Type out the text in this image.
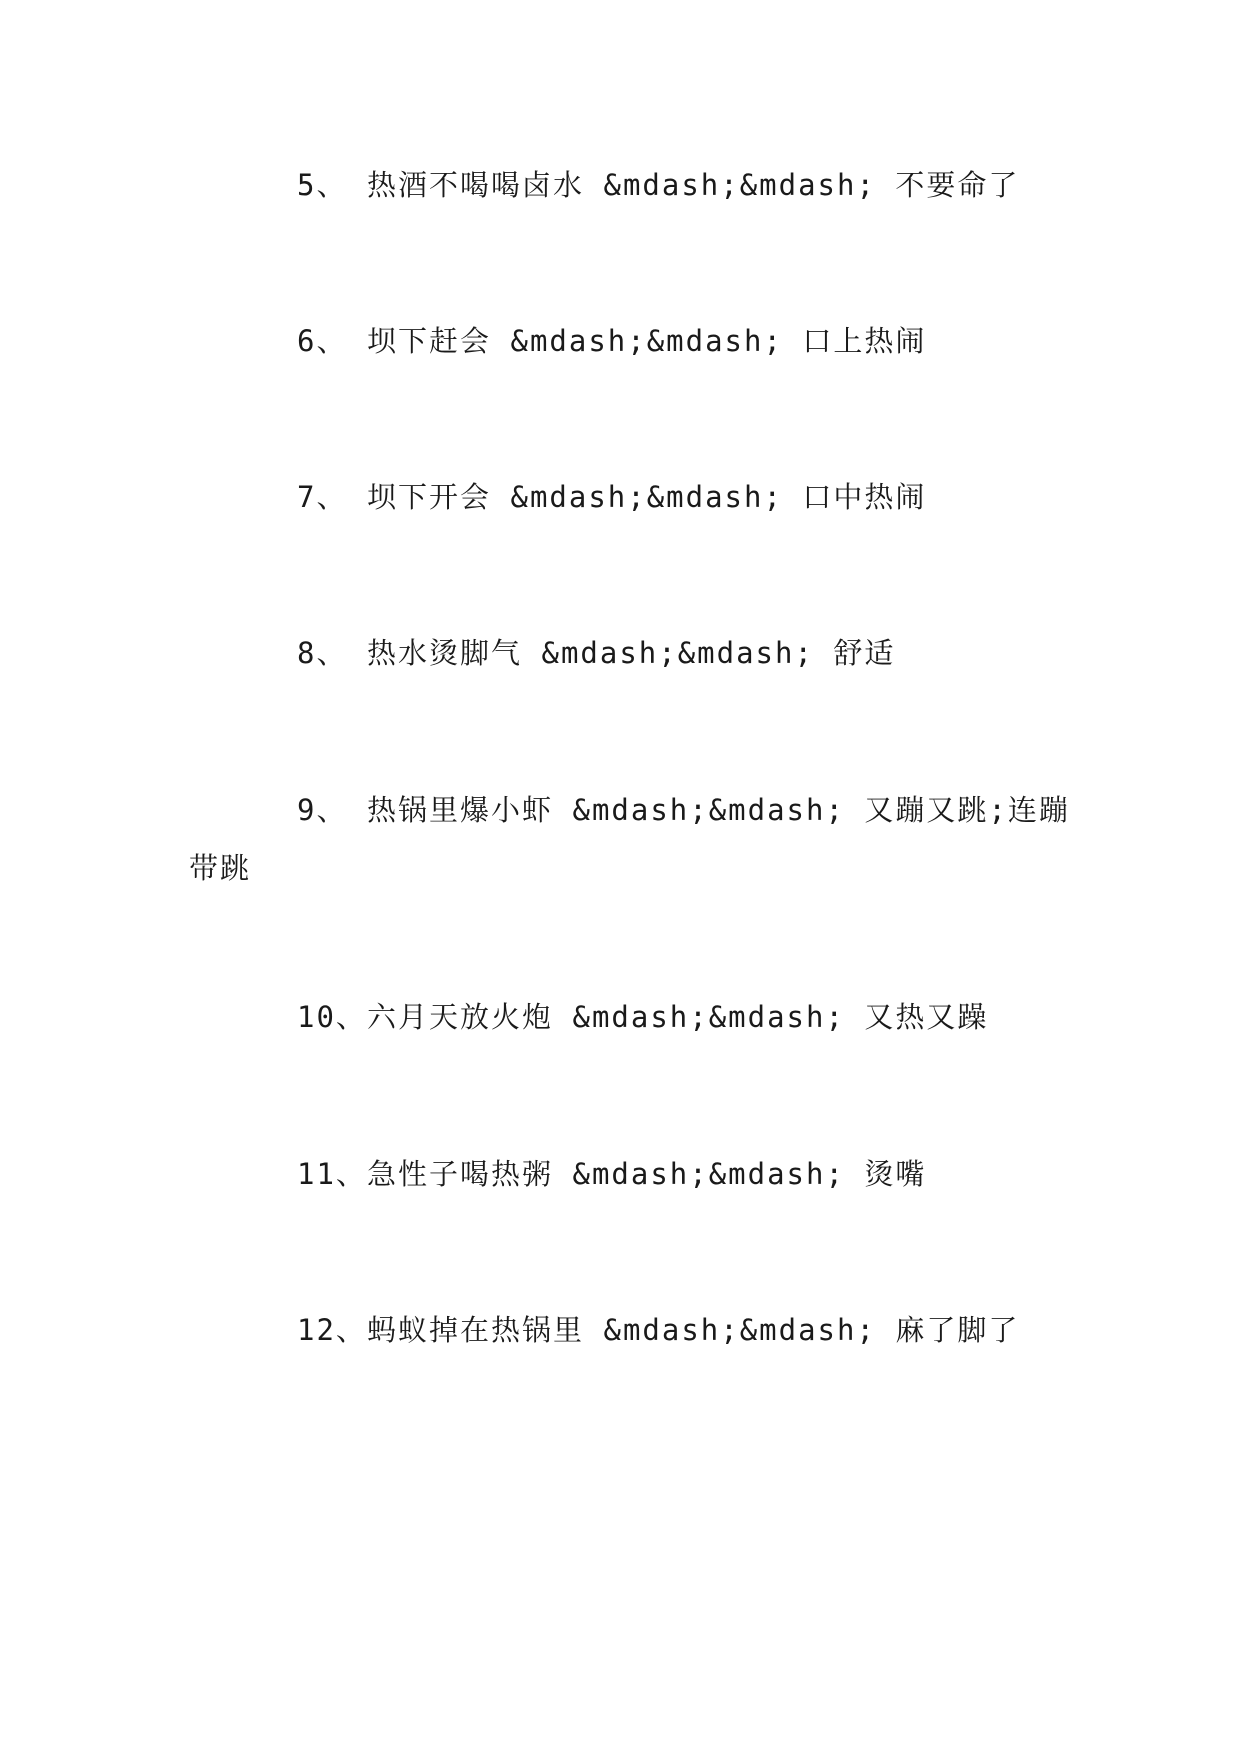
5、 热酒不喝喝卤水 &mdash;&mdash; 不要命了
6、 坝下赶会 &mdash;&mdash; 口上热闹
7、 坝下开会 &mdash;&mdash; 口中热闹
8、 热水烫脚气 &mdash;&mdash; 舒适
9、 热锅里爆小虾 &mdash;&mdash; 又蹦又跳;连蹦
带跳
10、六月天放火炮 &mdash;&mdash; 又热又躁
11、急性子喝热粥 &mdash;&mdash; 烫嘴
12、蚂蚁掉在热锅里 &mdash;&mdash; 麻了脚了
